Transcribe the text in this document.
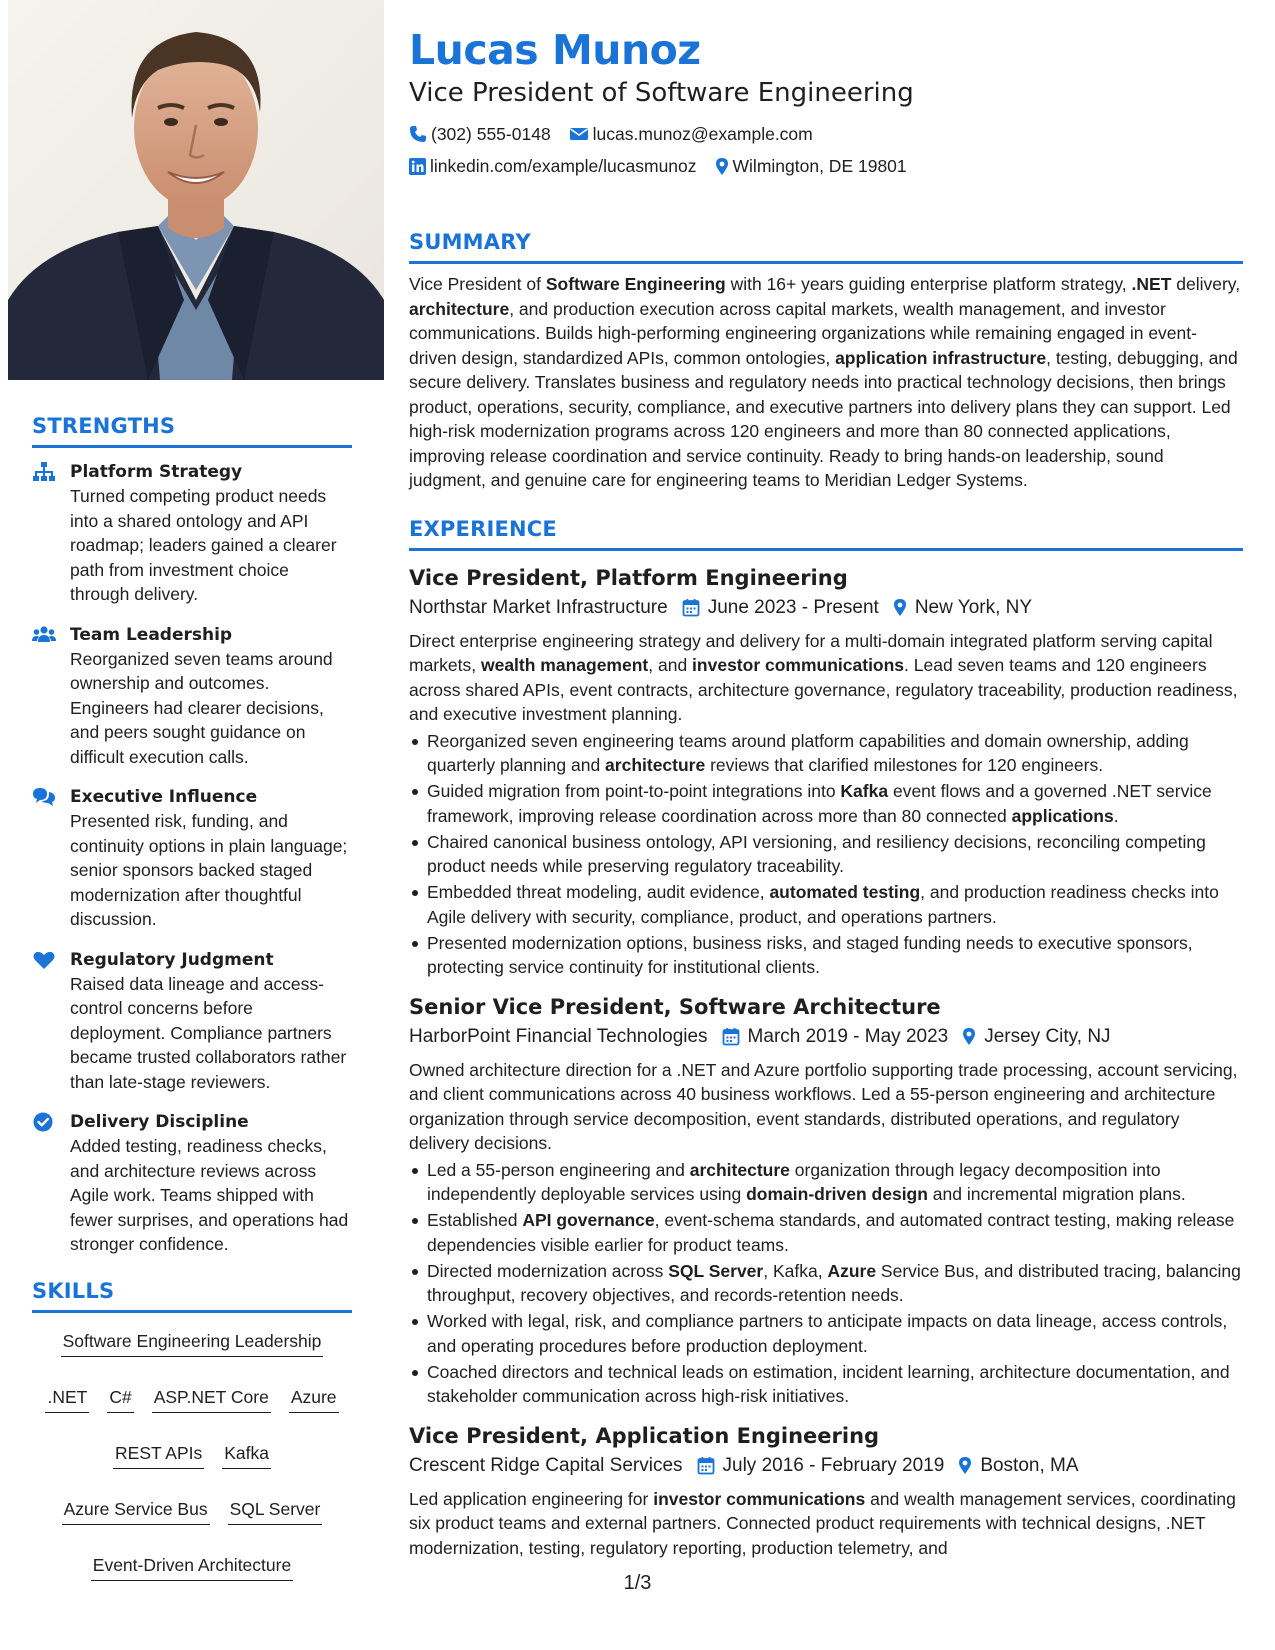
STRENGTHS
Platform Strategy
Turned competing product needs into a shared ontology and API roadmap; leaders gained a clearer path from investment choice through delivery.
Team Leadership
Reorganized seven teams around ownership and outcomes. Engineers had clearer decisions, and peers sought guidance on difficult execution calls.
Executive Influence
Presented risk, funding, and continuity options in plain language; senior sponsors backed staged modernization after thoughtful discussion.
Regulatory Judgment
Raised data lineage and access-control concerns before deployment. Compliance partners became trusted collaborators rather than late-stage reviewers.
Delivery Discipline
Added testing, readiness checks, and architecture reviews across Agile work. Teams shipped with fewer surprises, and operations had stronger confidence.
SKILLS
Software Engineering Leadership
.NET C# ASP.NET Core Azure
REST APIs Kafka
Azure Service Bus SQL Server
Event-Driven Architecture
Lucas Munoz
Vice President of Software Engineering
(302) 555-0148 lucas.munoz@example.com
linkedin.com/example/lucasmunoz Wilmington, DE 19801
SUMMARY

Vice President of Software Engineering with 16+ years guiding enterprise platform strategy, .NET delivery, architecture, and production execution across capital markets, wealth management, and investor communications. Builds high-performing engineering organizations while remaining engaged in event-driven design, standardized APIs, common ontologies, application infrastructure, testing, debugging, and secure delivery. Translates business and regulatory needs into practical technology decisions, then brings product, operations, security, compliance, and executive partners into delivery plans they can support. Led high-risk modernization programs across 120 engineers and more than 80 connected applications, improving release coordination and service continuity. Ready to bring hands-on leadership, sound judgment, and genuine care for engineering teams to Meridian Ledger Systems.

EXPERIENCE
Vice President, Platform Engineering
Northstar Market Infrastructure June 2023 - Present New York, NY

Direct enterprise engineering strategy and delivery for a multi-domain integrated platform serving capital markets, wealth management, and investor communications. Lead seven teams and 120 engineers across shared APIs, event contracts, architecture governance, regulatory traceability, production readiness, and executive investment planning.

Reorganized seven engineering teams around platform capabilities and domain ownership, adding quarterly planning and architecture reviews that clarified milestones for 120 engineers.
Guided migration from point-to-point integrations into Kafka event flows and a governed .NET service framework, improving release coordination across more than 80 connected applications.
Chaired canonical business ontology, API versioning, and resiliency decisions, reconciling competing product needs while preserving regulatory traceability.
Embedded threat modeling, audit evidence, automated testing, and production readiness checks into Agile delivery with security, compliance, product, and operations partners.
Presented modernization options, business risks, and staged funding needs to executive sponsors, protecting service continuity for institutional clients.
Senior Vice President, Software Architecture
HarborPoint Financial Technologies March 2019 - May 2023 Jersey City, NJ

Owned architecture direction for a .NET and Azure portfolio supporting trade processing, account servicing, and client communications across 40 business workflows. Led a 55-person engineering and architecture organization through service decomposition, event standards, distributed operations, and regulatory delivery decisions.

Led a 55-person engineering and architecture organization through legacy decomposition into independently deployable services using domain-driven design and incremental migration plans.
Established API governance, event-schema standards, and automated contract testing, making release dependencies visible earlier for product teams.
Directed modernization across SQL Server, Kafka, Azure Service Bus, and distributed tracing, balancing throughput, recovery objectives, and records-retention needs.
Worked with legal, risk, and compliance partners to anticipate impacts on data lineage, access controls, and operating procedures before production deployment.
Coached directors and technical leads on estimation, incident learning, architecture documentation, and stakeholder communication across high-risk initiatives.
Vice President, Application Engineering
Crescent Ridge Capital Services July 2016 - February 2019 Boston, MA

Led application engineering for investor communications and wealth management services, coordinating six product teams and external partners. Connected product requirements with technical designs, .NET modernization, testing, regulatory reporting, production telemetry, and

1/3
